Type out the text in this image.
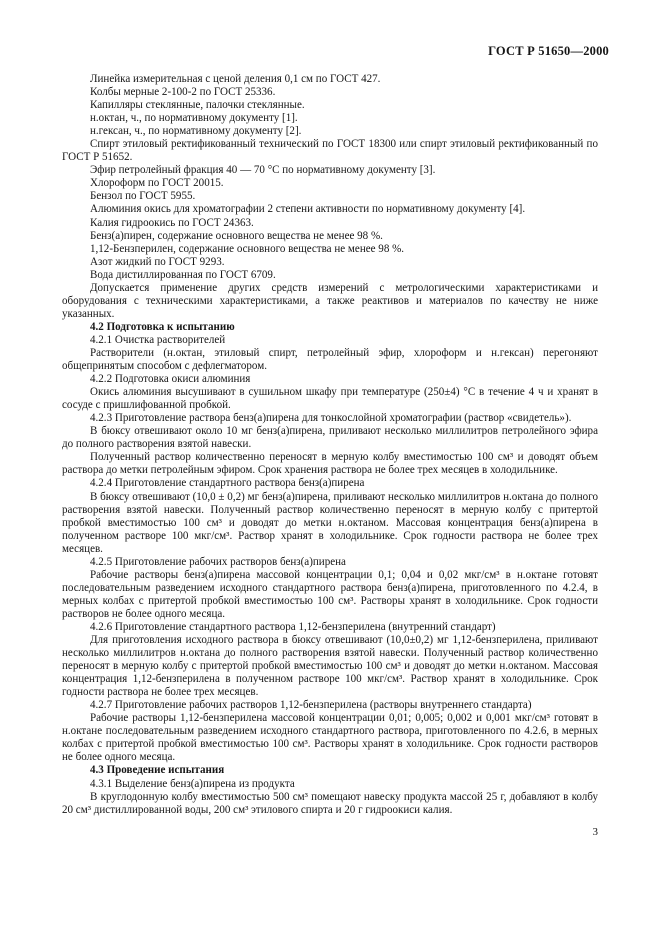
ГОСТ Р 51650—2000

Линейка измерительная с ценой деления 0,1 см по ГОСТ 427.

Колбы мерные 2-100-2 по ГОСТ 25336.

Капилляры стеклянные, палочки стеклянные.

н.октан, ч., по нормативному документу [1].

н.гексан, ч., по нормативному документу [2].

Спирт этиловый ректификованный технический по ГОСТ 18300 или спирт этиловый ректификованный по ГОСТ Р 51652.

Эфир петролейный фракция 40 — 70 °С по нормативному документу [3].

Хлороформ по ГОСТ 20015.

Бензол по ГОСТ 5955.

Алюминия окись для хроматографии 2 степени активности по нормативному документу [4].

Калия гидроокись по ГОСТ 24363.

Бенз(а)пирен, содержание основного вещества не менее 98 %.

1,12-Бензперилен, содержание основного вещества не менее 98 %.

Азот жидкий по ГОСТ 9293.

Вода дистиллированная по ГОСТ 6709.

Допускается применение других средств измерений с метрологическими характеристиками и оборудования с техническими характеристиками, а также реактивов и материалов по качеству не ниже указанных.

4.2 Подготовка к испытанию

4.2.1 Очистка растворителей

Растворители (н.октан, этиловый спирт, петролейный эфир, хлороформ и н.гексан) перегоняют общепринятым способом с дефлегматором.

4.2.2 Подготовка окиси алюминия

Окись алюминия высушивают в сушильном шкафу при температуре (250±4) °С в течение 4 ч и хранят в сосуде с пришлифованной пробкой.

4.2.3 Приготовление раствора бенз(а)пирена для тонкослойной хроматографии (раствор «свидетель»).

В бюксу отвешивают около 10 мг бенз(а)пирена, приливают несколько миллилитров петролейного эфира до полного растворения взятой навески.

Полученный раствор количественно переносят в мерную колбу вместимостью 100 см³ и доводят объем раствора до метки петролейным эфиром. Срок хранения раствора не более трех месяцев в холодильнике.

4.2.4 Приготовление стандартного раствора бенз(а)пирена

В бюксу отвешивают (10,0 ± 0,2) мг бенз(а)пирена, приливают несколько миллилитров н.октана до полного растворения взятой навески. Полученный раствор количественно переносят в мерную колбу с притертой пробкой вместимостью 100 см³ и доводят до метки н.октаном. Массовая концентрация бенз(а)пирена в полученном растворе 100 мкг/см³. Раствор хранят в холодильнике. Срок годности раствора не более трех месяцев.

4.2.5 Приготовление рабочих растворов бенз(а)пирена

Рабочие растворы бенз(а)пирена массовой концентрации 0,1; 0,04 и 0,02 мкг/см³ в н.октане готовят последовательным разведением исходного стандартного раствора бенз(а)пирена, приготовленного по 4.2.4, в мерных колбах с притертой пробкой вместимостью 100 см³. Растворы хранят в холодильнике. Срок годности растворов не более одного месяца.

4.2.6 Приготовление стандартного раствора 1,12-бензперилена (внутренний стандарт)

Для приготовления исходного раствора в бюксу отвешивают (10,0±0,2) мг 1,12-бензперилена, приливают несколько миллилитров н.октана до полного растворения взятой навески. Полученный раствор количественно переносят в мерную колбу с притертой пробкой вместимостью 100 см³ и доводят до метки н.октаном. Массовая концентрация 1,12-бензперилена в полученном растворе 100 мкг/см³. Раствор хранят в холодильнике. Срок годности раствора не более трех месяцев.

4.2.7 Приготовление рабочих растворов 1,12-бензперилена (растворы внутреннего стандарта)

Рабочие растворы 1,12-бензперилена массовой концентрации 0,01; 0,005; 0,002 и 0,001 мкг/см³ готовят в н.октане последовательным разведением исходного стандартного раствора, приготовленного по 4.2.6, в мерных колбах с притертой пробкой вместимостью 100 см³. Растворы хранят в холодильнике. Срок годности растворов не более одного месяца.

4.3 Проведение испытания

4.3.1 Выделение бенз(а)пирена из продукта

В круглодонную колбу вместимостью 500 см³ помещают навеску продукта массой 25 г, добавляют в колбу 20 см³ дистиллированной воды, 200 см³ этилового спирта и 20 г гидроокиси калия.

3
